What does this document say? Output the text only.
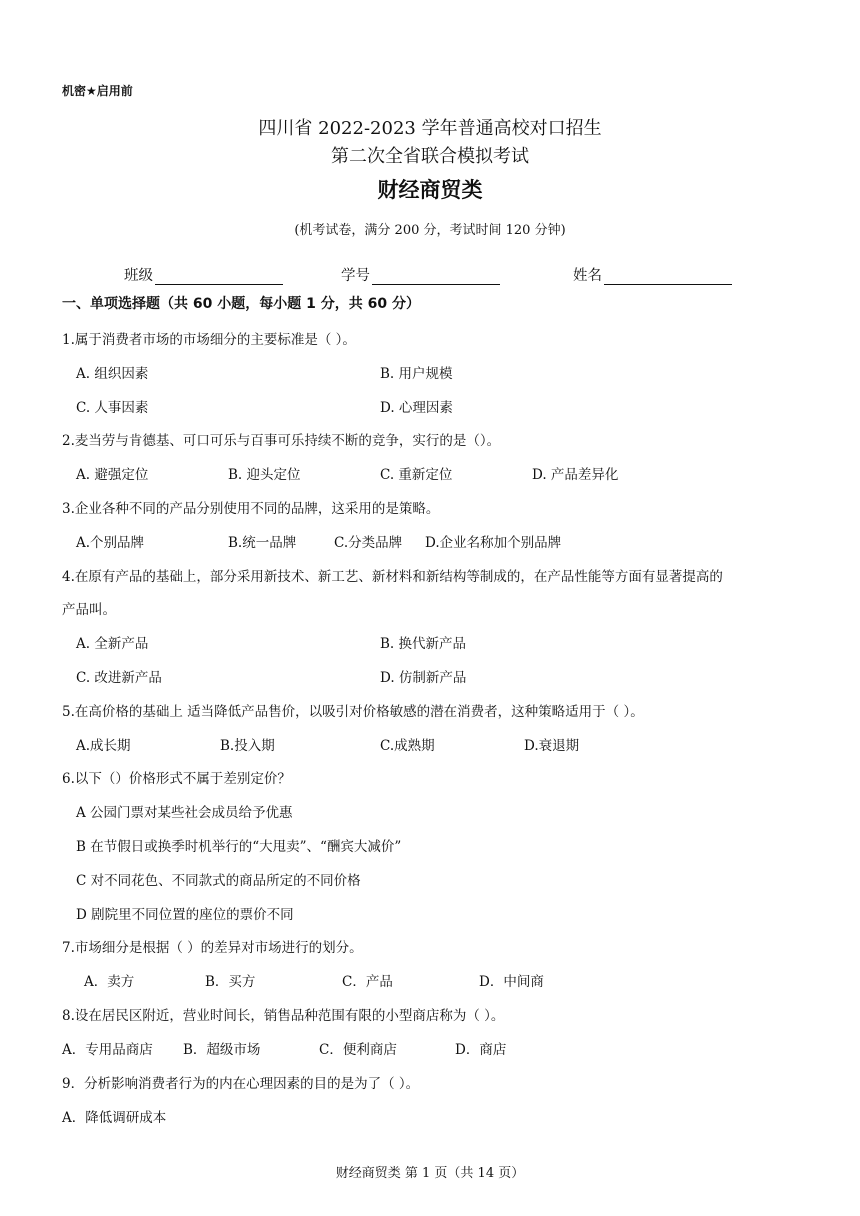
机密★启用前
四川省 2022-2023 学年普通高校对口招生
第二次全省联合模拟考试
财经商贸类
(机考试卷，满分 200 分，考试时间 120 分钟)
班级	学号	姓名
一、单项选择题（共 60 小题，每小题 1 分，共 60 分）
1.属于消费者市场的市场细分的主要标准是（ ）。
A. 组织因素	B. 用户规模
C. 人事因素	D. 心理因素
2.麦当劳与肯德基、可口可乐与百事可乐持续不断的竞争，实行的是（）。
A. 避强定位	B. 迎头定位	C. 重新定位	D. 产品差异化
3.企业各种不同的产品分别使用不同的品牌，这采用的是策略。
A.个别品牌	B.统一品牌	C.分类品牌 D.企业名称加个别品牌
4.在原有产品的基础上，部分采用新技术、新工艺、新材料和新结构等制成的，在产品性能等方面有显著提高的
产品叫。
A. 全新产品	B. 换代新产品
C. 改进新产品	D. 仿制新产品
5.在高价格的基础上 适当降低产品售价，以吸引对价格敏感的潜在消费者，这种策略适用于（ ）。
A.成长期	B.投入期	C.成熟期	D.衰退期
6.以下（）价格形式不属于差别定价？
A 公园门票对某些社会成员给予优惠
B 在节假日或换季时机举行的“大甩卖”、“酬宾大减价”
C 对不同花色、不同款式的商品所定的不同价格
D 剧院里不同位置的座位的票价不同
7.市场细分是根据（ ）的差异对市场进行的划分。
A．卖方	B．买方	C．产品	D．中间商
8.设在居民区附近，营业时间长，销售品种范围有限的小型商店称为（ ）。
A．专用品商店 B．超级市场	C．便利商店	D．商店
9．分析影响消费者行为的内在心理因素的目的是为了（ ）。
A．降低调研成本
财经商贸类 第 1 页（共 14 页）
